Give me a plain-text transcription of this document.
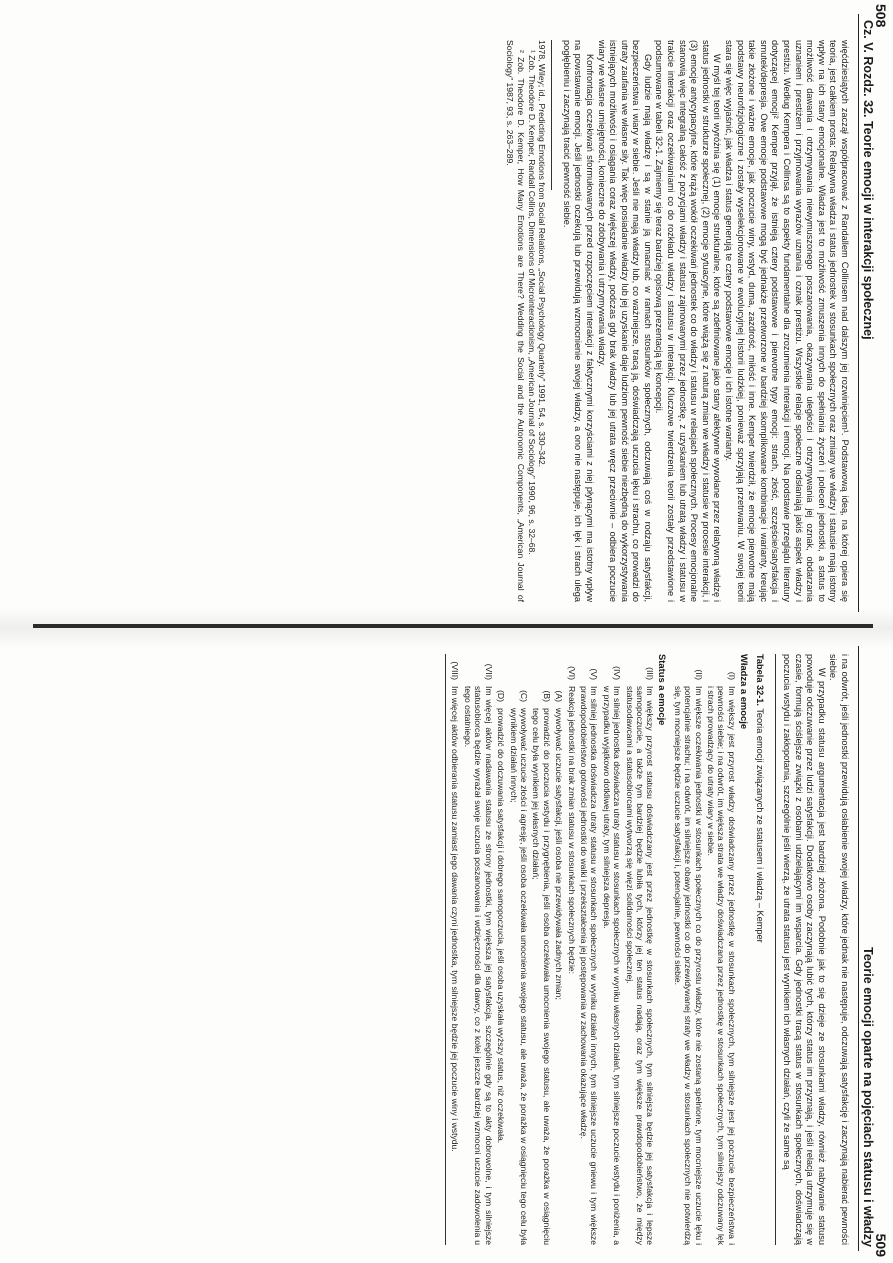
Cz. V. Rozdz. 32. Teorie emocji w interakcji społecznej

więćdziesiątych zaczął współpracować z Randallem Collinsem nad dalszym jej rozwinięciem¹. Podstawową ideą, na której opiera się teoria, jest całkiem prosta: Relatywna władza i status jednostek w stosunkach społecznych oraz zmiany we władzy i statusie mają istotny wpływ na ich stany emocjonalne. Władza jest to możliwość zmuszenia innych do spełniania życzeń i poleceń jednostki, a status to możliwość dawania i otrzymywania niewymuszonego poszanowania, okazywania uległości i otrzymywania jej oznak, obdarzania uznaniem i prestiżem i przyjmowania wyrazów uznania i oznak prestiżu. Wszystkie relacje społeczne odsłaniają jakiś aspekt władzy i prestiżu. Według Kempera i Collinsa są to aspekty fundamentalne dla zrozumienia interakcji i emocji. Na podstawie przeglądu literatury dotyczącej emocji² Kemper przyjął, że istnieją cztery podstawowe i pierwotne typy emocji: strach, złość, szczęście/satysfakcja i smutek/depresja. Owe emocje podstawowe mogą być jednakże przetworzone w bardziej skomplikowane kombinacje i warianty, kreując takie złożone i ważne emocje, jak poczucie winy, wstyd, duma, zazdrość, miłość i inne. Kemper twierdził, że emocje pierwotne mają podstawy neurofizjologiczne i zostały wyselekcjonowane w ewolucyjnej historii ludzkiej, ponieważ sprzyjają przetrwaniu. W swojej teorii stara się więc wyjaśnić, jak władza i status generują te cztery podstawowe emocje i ich istotne warianty.

W myśl tej teorii wyróżnia się (1) emocje strukturalne, które są zdefiniowane jako stany afektywne wywołane przez relatywną władzę i status jednostki w strukturze społecznej, (2) emocje sytuacyjne, które wiążą się z naturą zmian we władzy i statusie w procesie interakcji, i (3) emocje antycypacyjne, które krążą wokół oczekiwań jednostek co do władzy i statusu w relacjach społecznych. Procesy emocjonalne stanowią więc integralną całość z pozycjami władzy i statusu zajmowanymi przez jednostkę, z uzyskaniem lub utratą władzy i statusu w trakcie interakcji oraz oczekiwaniami co do rozkładu władzy i statusu w interakcji. Kluczowe twierdzenia teorii zostały przedstawione i podsumowane w tabeli 32-1. Zajmiemy się teraz bardziej opisową prezentacją tej koncepcji.

Gdy ludzie mają władzę i są w stanie ją umacniać w ramach stosunków społecznych, odczuwają coś w rodzaju satysfakcji, bezpieczeństwa i wiary w siebie. Jeśli nie mają władzy lub, co ważniejsze, tracą ją, doświadczają uczucia lęku i strachu, co prowadzi do utraty zaufania we własne siły. Tak więc posiadanie władzy lub jej uzyskanie daje ludziom pewność siebie niezbędną do wykorzystywania istniejących możliwości i osiągania coraz większej władzy, podczas gdy brak władzy lub jej utrata wręcz przeciwnie – odbiera poczucie wiary we własne umiejętności, konieczne do zdobywania i utrzymywania władzy.

Konfrontacja oczekiwań sformułowanych przed rozpoczęciem interakcji z faktycznymi korzyściami z niej płynącymi ma istotny wpływ na powstawanie emocji. Jeśli jednostki oczekują lub przewidują wzmocnienie swojej władzy, a ono nie następuje, ich lęk i strach ulega pogłębieniu i zaczynają tracić pewność siebie.

1978, Wiley; id., Predicting Emotions from Social Relations, „Social Psychology Quarterly” 1991, 54, s. 330–342.

¹ Zob. Theodore D. Kemper, Randall Collins, Dimensions of Microinteractionism, „American Journal of Sociology” 1990, 96, s. 32–68.

² Zob. Theodore D. Kemper, How Many Emotions are There? Wedding the Social and the Autonomic Components, „American Journal of Sociology” 1987, 93, s. 263–289.

508
Teorie emocji oparte na pojęciach statusu i władzy

i na odwrót, jeśli jednostki przewidują osłabienie swojej władzy, które jednak nie następuje, odczuwają satysfakcję i zaczynają nabierać pewności siebie.

W przypadku statusu argumentacja jest bardziej złożona. Podobnie jak to się dzieje ze stosunkami władzy, również nabywanie statusu powoduje odczuwanie przez ludzi satysfakcji. Dodatkowo osoby zaczynają lubić tych, którzy status im przyznają, i jeśli relacja utrzymuje się w czasie, formują ściślejsze związki z osobami udzielającymi im wsparcia. Gdy jednostki tracą status w stosunkach społecznych, doświadczają poczucia wstydu i zakłopotania, szczególnie jeśli wierzą, że utrata statusu jest wynikiem ich własnych działań, czyli że same są

Tabela 32-1. Teoria emocji związanych ze statusem i władzą – Kemper
Władza a emocje
(I)
Im większy jest przyrost władzy doświadczany przez jednostkę w stosunkach społecznych, tym silniejsze jest jej poczucie bezpieczeństwa i pewności siebie; i na odwrót, im większa strata we władzy doświadczana przez jednostkę w stosunkach społecznych, tym silniejszy odczuwany lęk i strach prowadzący do utraty wiary w siebie.
(II)
Im większe oczekiwania jednostki w stosunkach społecznych co do przyrostu władzy, które nie zostaną spełnione, tym mocniejsze uczucie lęku i potencjalnie strachu; i na odwrót, im silniejsze obawy jednostki co do przewidywanej straty we władzy w stosunkach społecznych nie potwierdzą się, tym mocniejsze będzie uczucie satysfakcji i, potencjalnie, pewności siebie.
Status a emocje
(III)
Im większy przyrost statusu doświadczany jest przez jednostkę w stosunkach społecznych, tym silniejsza będzie jej satysfakcja i lepsze samopoczucie, a także tym bardziej będzie lubiła tych, którzy jej ten status nadają, oraz tym większe prawdopodobieństwo, że między statusodawcami a statusobiorcami wytworzą się więzi solidarności społecznej.
(IV)
Im silniej jednostka doświadcza utraty statusu w stosunkach społecznych w wyniku własnych działań, tym silniejsze poczucie wstydu i poniżenia, a w przypadku wyjątkowo dotkliwej utraty, tym silniejsza depresja.
(V)
Im silniej jednostka doświadcza utraty statusu w stosunkach społecznych w wyniku działań innych, tym silniejsze uczucie gniewu i tym większe prawdopodobieństwo gotowości jednostki do walki i przekształcenia jej postępowania w zachowania okazujące władzę.
(VI)
Reakcja jednostki na brak zmian statusu w stosunkach społecznych będzie:
(A)
wywoływać uczucie satysfakcji, jeśli osoba nie przewidywała żadnych zmian;
(B)
prowadzić do poczucia wstydu i przygnębienia, jeśli osoba oczekiwała umocnienia swojego statusu, ale uważa, że porażka w osiągnięciu tego celu była wynikiem jej własnych działań;
(C)
wywoływać uczucie złości i agresję, jeśli osoba oczekiwała umocnienia swojego statusu, ale uważa, że porażka w osiągnięciu tego celu była wynikiem działań innych;
(D)
prowadzić do odczuwania satysfakcji i dobrego samopoczucia, jeśli osoba uzyskała wyższy status, niż oczekiwała.
(VII)
Im więcej aktów nadawania statusu ze strony jednostki, tym większa jej satysfakcja, szczególnie gdy są to akty dobrowolne, i tym silniejsze statusobiorca będzie wyrażał swoje uczucia poszanowania i wdzięczności dla dawcy, co z kolei jeszcze bardziej wzmocni uczucie zadowolenia u tego ostatniego.
(VIII)
Im więcej aktów odbierania statusu zamiast jego dawania czyni jednostka, tym silniejsze będzie jej poczucie winy i wstydu.
509
